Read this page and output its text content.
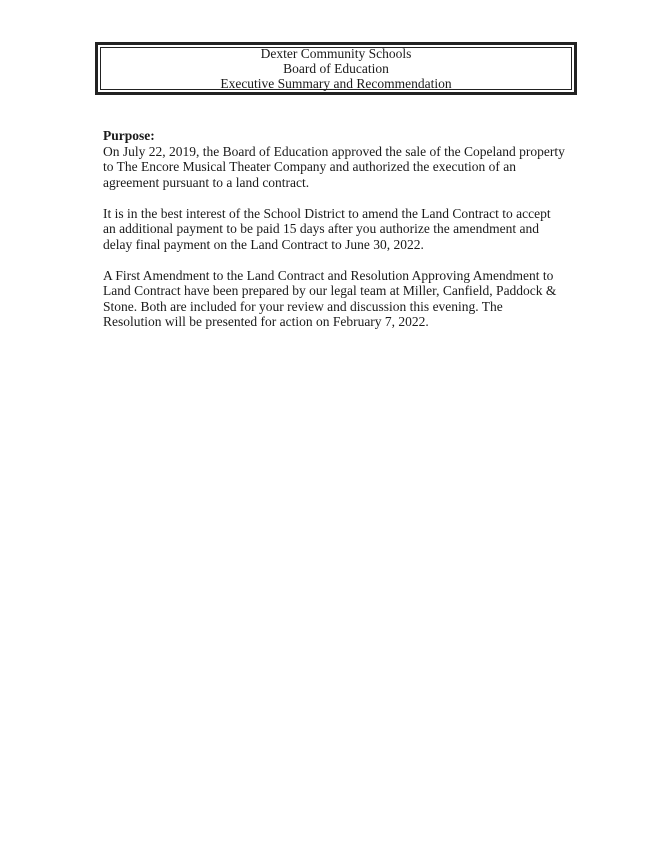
Dexter Community Schools
Board of Education
Executive Summary and Recommendation

Purpose:

On July 22, 2019, the Board of Education approved the sale of the Copeland property
to The Encore Musical Theater Company and authorized the execution of an
agreement pursuant to a land contract.

It is in the best interest of the School District to amend the Land Contract to accept
an additional payment to be paid 15 days after you authorize the amendment and
delay final payment on the Land Contract to June 30, 2022.

A First Amendment to the Land Contract and Resolution Approving Amendment to
Land Contract have been prepared by our legal team at Miller, Canfield, Paddock &
Stone. Both are included for your review and discussion this evening. The
Resolution will be presented for action on February 7, 2022.
